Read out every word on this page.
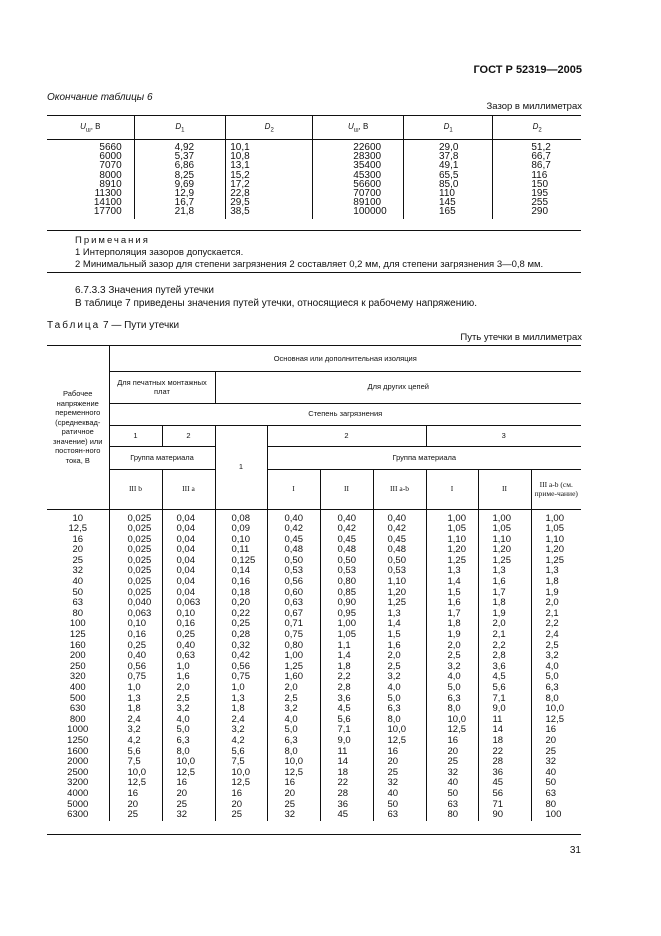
ГОСТ Р 52319—2005
Окончание таблицы 6
Зазор в миллиметрах
$U_ш$, В	$D_1$	$D_2$	$U_ш$, В	$D_1$	$D_2$
5660	4,92	10,1	22600	29,0	51,2
6000	5,37	10,8	28300	37,8	66,7
7070	6,86	13,1	35400	49,1	86,7
8000	8,25	15,2	45300	65,5	116
8910	9,69	17,2	56600	85,0	150
11300	12,9	22,8	70700	110	195
14100	16,7	29,5	89100	145	255
17700	21,8	38,5	100000	165	290
Примечания
1 Интерполяция зазоров допускается.
2 Минимальный зазор для степени загрязнения 2 составляет 0,2 мм, для степени загрязнения 3—0,8 мм.
6.7.3.3 Значения путей утечки
В таблице 7 приведены значения путей утечки, относящиеся к рабочему напряжению.
Таблица 7 — Пути утечки
Путь утечки в миллиметрах
Рабочее напряжение переменного (среднеквад-ратичное значение) или постоян-ного тока, В	Основная или дополнительная изоляция								
	Для печатных монтажных плат		Для других цепей						
	Степень загрязнения								
	1	2	1	2			3		
	Группа материала			Группа материала					
	III b	III a		I	II	III a-b	I	II	III a-b (см. приме-чание)
10	0,025	0,04	0,08	0,40	0,40	0,40	1,00	1,00	1,00
12,5	0,025	0,04	0,09	0,42	0,42	0,42	1,05	1,05	1,05
16	0,025	0,04	0,10	0,45	0,45	0,45	1,10	1,10	1,10
20	0,025	0,04	0,11	0,48	0,48	0,48	1,20	1,20	1,20
25	0,025	0,04	0,125	0,50	0,50	0,50	1,25	1,25	1,25
32	0,025	0,04	0,14	0,53	0,53	0,53	1,3	1,3	1,3
40	0,025	0,04	0,16	0,56	0,80	1,10	1,4	1,6	1,8
50	0,025	0,04	0,18	0,60	0,85	1,20	1,5	1,7	1,9
63	0,040	0,063	0,20	0,63	0,90	1,25	1,6	1,8	2,0
80	0,063	0,10	0,22	0,67	0,95	1,3	1,7	1,9	2,1
100	0,10	0,16	0,25	0,71	1,00	1,4	1,8	2,0	2,2
125	0,16	0,25	0,28	0,75	1,05	1,5	1,9	2,1	2,4
160	0,25	0,40	0,32	0,80	1,1	1,6	2,0	2,2	2,5
200	0,40	0,63	0,42	1,00	1,4	2,0	2,5	2,8	3,2
250	0,56	1,0	0,56	1,25	1,8	2,5	3,2	3,6	4,0
320	0,75	1,6	0,75	1,60	2,2	3,2	4,0	4,5	5,0
400	1,0	2,0	1,0	2,0	2,8	4,0	5,0	5,6	6,3
500	1,3	2,5	1,3	2,5	3,6	5,0	6,3	7,1	8,0
630	1,8	3,2	1,8	3,2	4,5	6,3	8,0	9,0	10,0
800	2,4	4,0	2,4	4,0	5,6	8,0	10,0	11	12,5
1000	3,2	5,0	3,2	5,0	7,1	10,0	12,5	14	16
1250	4,2	6,3	4,2	6,3	9,0	12,5	16	18	20
1600	5,6	8,0	5,6	8,0	11	16	20	22	25
2000	7,5	10,0	7,5	10,0	14	20	25	28	32
2500	10,0	12,5	10,0	12,5	18	25	32	36	40
3200	12,5	16	12,5	16	22	32	40	45	50
4000	16	20	16	20	28	40	50	56	63
5000	20	25	20	25	36	50	63	71	80
6300	25	32	25	32	45	63	80	90	100
31
